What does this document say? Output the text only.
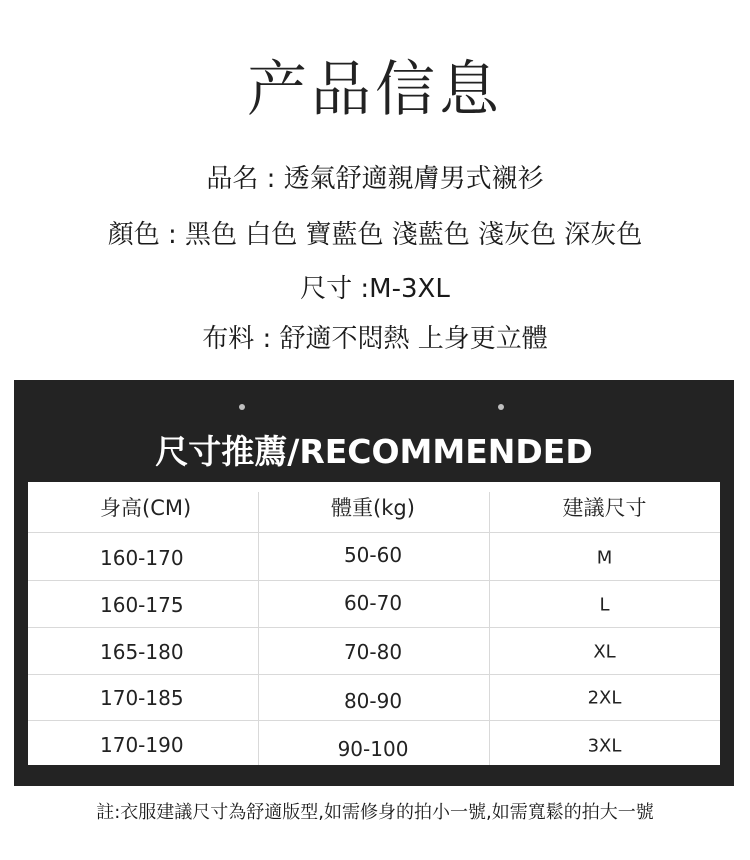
产品信息
品名 : 透氣舒適親膚男式襯衫
顏色 : 黑色 白色 寶藍色 淺藍色 淺灰色 深灰色
尺寸 :M-3XL
布料 : 舒適不悶熱 上身更立體
尺寸推薦/RECOMMENDED
身高(CM)	體重(kg)	建議尺寸
160-170	50-60	M
160-175	60-70	L
165-180	70-80	XL
170-185	80-90	2XL
170-190	90-100	3XL
註:衣服建議尺寸為舒適版型,如需修身的拍小一號,如需寬鬆的拍大一號
